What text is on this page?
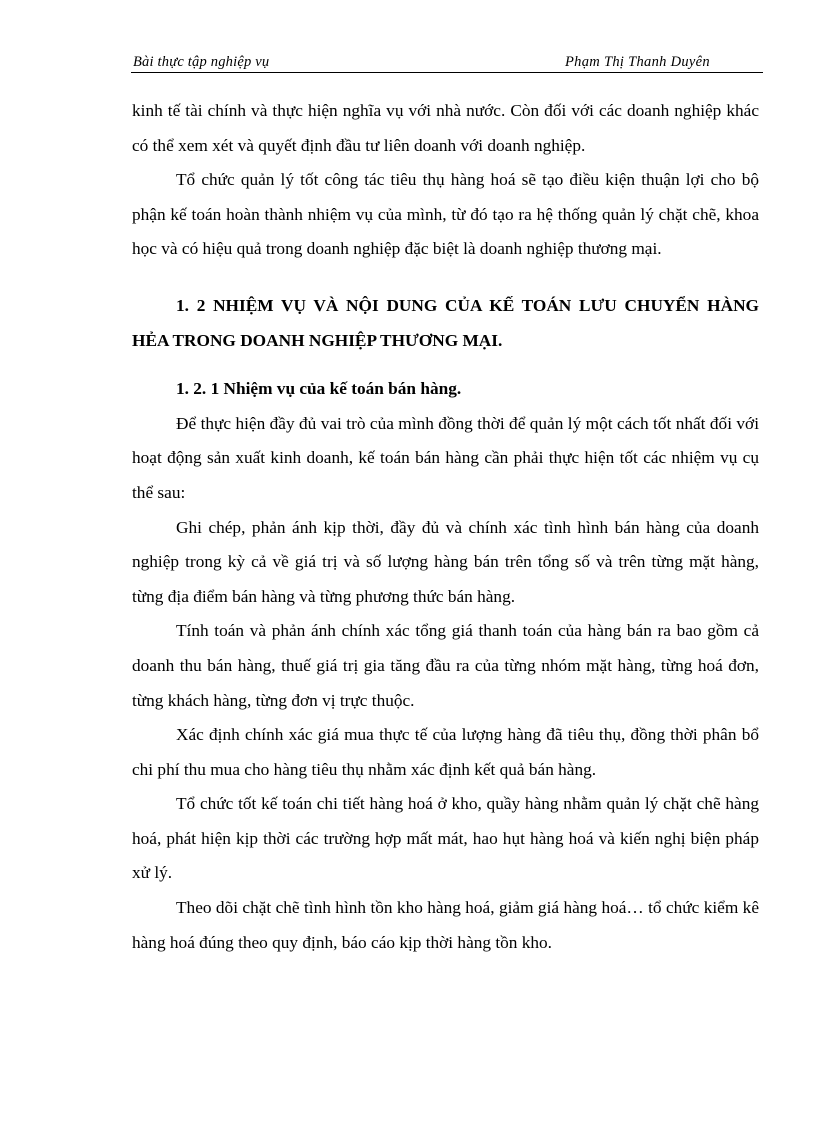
Bài thực tập nghiệp vụ	Phạm Thị Thanh Duyên

kinh tế tài chính và thực hiện nghĩa vụ với nhà nước. Còn đối với các doanh nghiệp khác có thể xem xét và quyết định đầu tư liên doanh với doanh nghiệp.

Tổ chức quản lý tốt công tác tiêu thụ hàng hoá sẽ tạo điều kiện thuận lợi cho bộ phận kế toán hoàn thành nhiệm vụ của mình, từ đó tạo ra hệ thống quản lý chặt chẽ, khoa học và có hiệu quả trong doanh nghiệp đặc biệt là doanh nghiệp thương mại.

1. 2 NHIỆM VỤ VÀ NỘI DUNG CỦA KẾ TOÁN LƯU CHUYỂN HÀNG HẺA TRONG DOANH NGHIỆP THƯƠNG MẠI.
1. 2. 1 Nhiệm vụ của kế toán bán hàng.

Để thực hiện đầy đủ vai trò của mình đồng thời để quản lý một cách tốt nhất đối với hoạt động sản xuất kinh doanh, kế toán bán hàng cần phải thực hiện tốt các nhiệm vụ cụ thể sau:

Ghi chép, phản ánh kịp thời, đầy đủ và chính xác tình hình bán hàng của doanh nghiệp trong kỳ cả về giá trị và số lượng hàng bán trên tổng số và trên từng mặt hàng, từng địa điểm bán hàng và từng phương thức bán hàng.

Tính toán và phản ánh chính xác tổng giá thanh toán của hàng bán ra bao gồm cả doanh thu bán hàng, thuế giá trị gia tăng đầu ra của từng nhóm mặt hàng, từng hoá đơn, từng khách hàng, từng đơn vị trực thuộc.

Xác định chính xác giá mua thực tế của lượng hàng đã tiêu thụ, đồng thời phân bổ chi phí thu mua cho hàng tiêu thụ nhằm xác định kết quả bán hàng.

Tổ chức tốt kế toán chi tiết hàng hoá ở kho, quầy hàng nhằm quản lý chặt chẽ hàng hoá, phát hiện kịp thời các trường hợp mất mát, hao hụt hàng hoá và kiến nghị biện pháp xử lý.

Theo dõi chặt chẽ tình hình tồn kho hàng hoá, giảm giá hàng hoá… tổ chức kiểm kê hàng hoá đúng theo quy định, báo cáo kịp thời hàng tồn kho.
